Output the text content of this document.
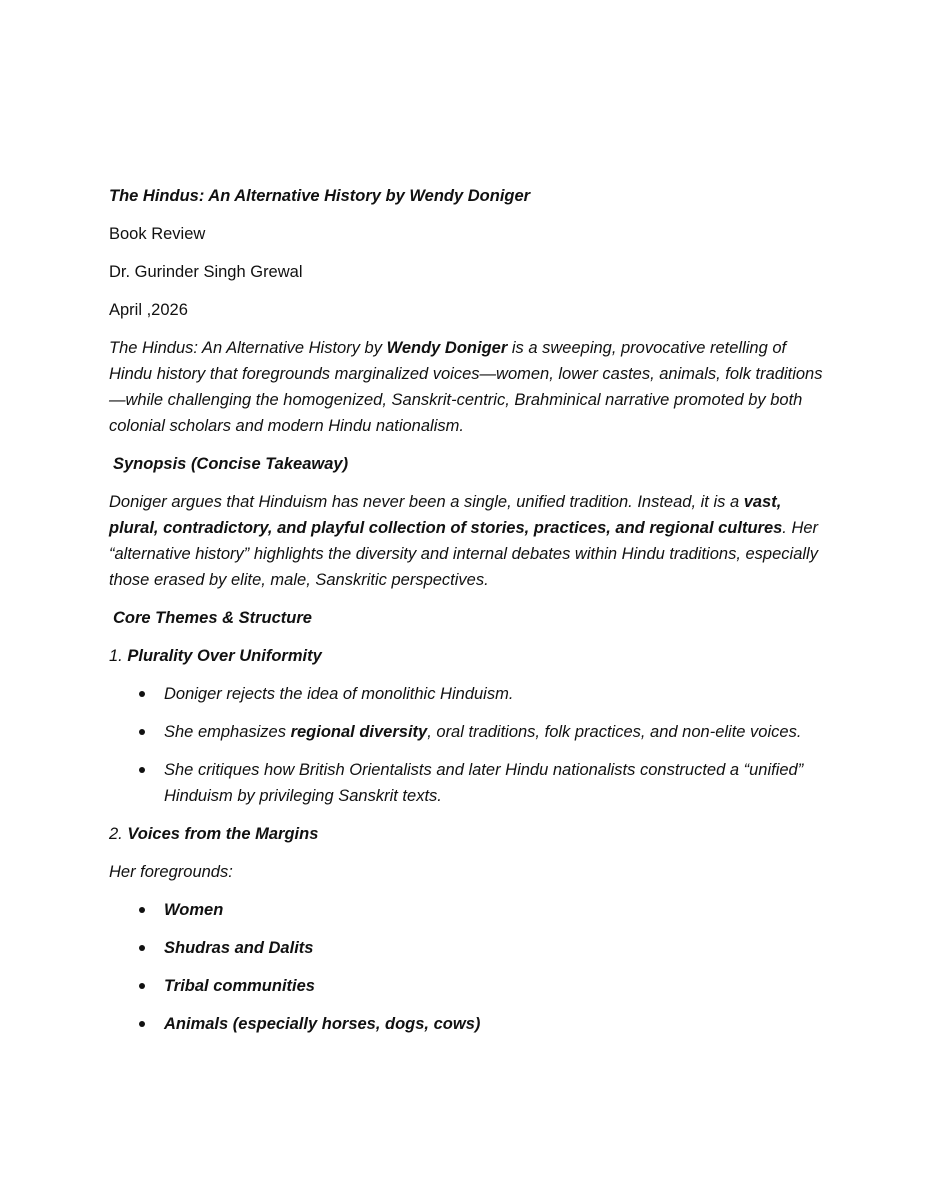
The Hindus: An Alternative History by Wendy Doniger

Book Review

Dr. Gurinder Singh Grewal

April ,2026

The Hindus: An Alternative History by Wendy Doniger is a sweeping, provocative retelling of Hindu history that foregrounds marginalized voices—women, lower castes, animals, folk traditions—while challenging the homogenized, Sanskrit-centric, Brahminical narrative promoted by both colonial scholars and modern Hindu nationalism.

Synopsis (Concise Takeaway)

Doniger argues that Hinduism has never been a single, unified tradition. Instead, it is a vast, plural, contradictory, and playful collection of stories, practices, and regional cultures. Her “alternative history” highlights the diversity and internal debates within Hindu traditions, especially those erased by elite, male, Sanskritic perspectives.

Core Themes & Structure

1. Plurality Over Uniformity

Doniger rejects the idea of monolithic Hinduism.
She emphasizes regional diversity, oral traditions, folk practices, and non-elite voices.
She critiques how British Orientalists and later Hindu nationalists constructed a “unified” Hinduism by privileging Sanskrit texts.

2. Voices from the Margins

Her foregrounds:

Women
Shudras and Dalits
Tribal communities
Animals (especially horses, dogs, cows)
